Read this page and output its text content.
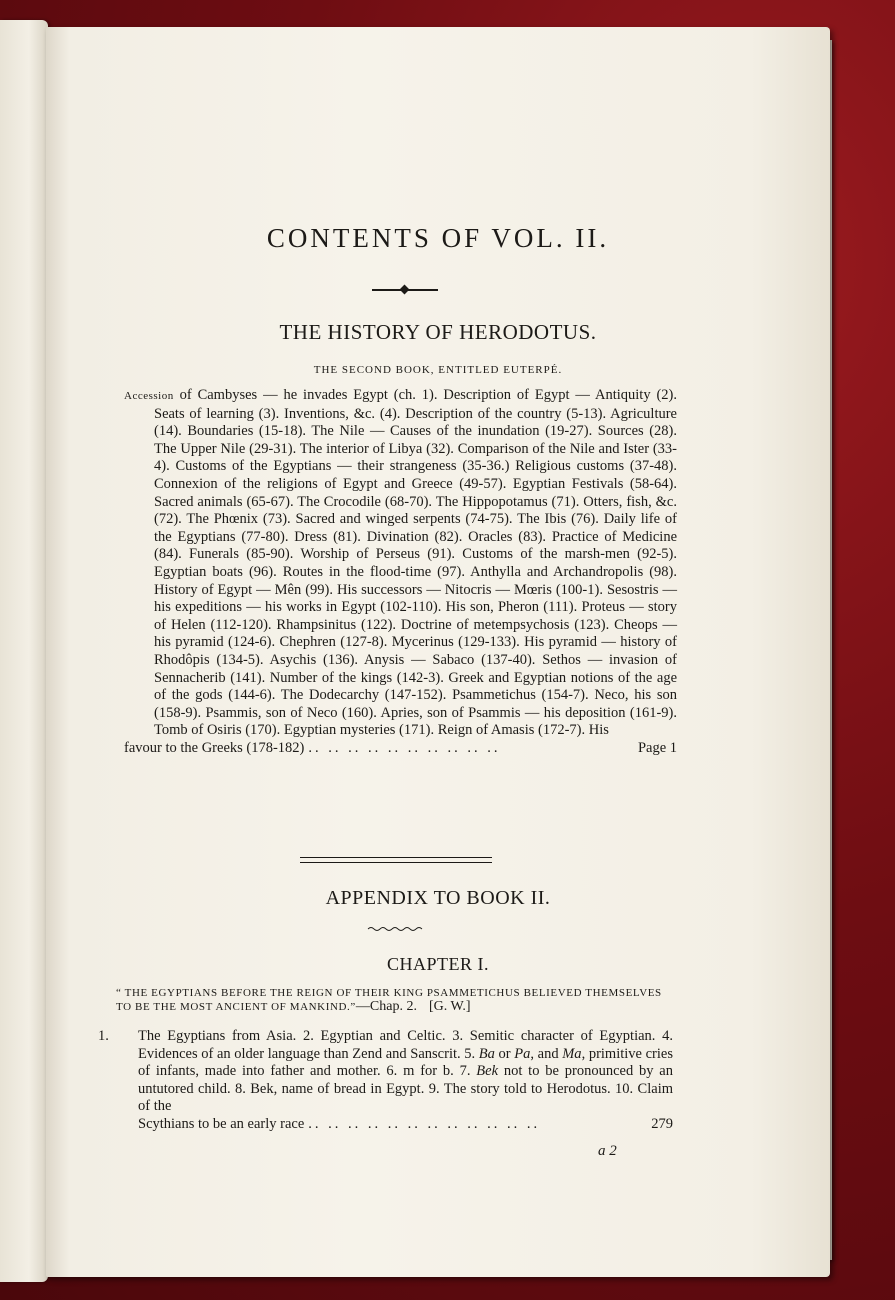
CONTENTS OF VOL. II.
THE HISTORY OF HERODOTUS.
THE SECOND BOOK, ENTITLED EUTERPÉ.

Accession of Cambyses — he invades Egypt (ch. 1). Description of Egypt — Antiquity (2). Seats of learning (3). Inventions, &c. (4). Description of the country (5-13). Agriculture (14). Boundaries (15-18). The Nile — Causes of the inundation (19-27). Sources (28). The Upper Nile (29-31). The interior of Libya (32). Comparison of the Nile and Ister (33-4). Customs of the Egyptians — their strangeness (35-36.) Religious customs (37-48). Connexion of the religions of Egypt and Greece (49-57). Egyptian Festivals (58-64). Sacred animals (65-67). The Crocodile (68-70). The Hippopotamus (71). Otters, fish, &c. (72). The Phœnix (73). Sacred and winged serpents (74-75). The Ibis (76). Daily life of the Egyptians (77-80). Dress (81). Divination (82). Oracles (83). Practice of Medicine (84). Funerals (85-90). Worship of Perseus (91). Customs of the marsh-men (92-5). Egyptian boats (96). Routes in the flood-time (97). Anthylla and Archandropolis (98). History of Egypt — Mên (99). His successors — Nitocris — Mœris (100-1). Sesostris — his expeditions — his works in Egypt (102-110). His son, Pheron (111). Proteus — story of Helen (112-120). Rhampsinitus (122). Doctrine of metempsychosis (123). Cheops — his pyramid (124-6). Chephren (127-8). Mycerinus (129-133). His pyramid — history of Rhodôpis (134-5). Asychis (136). Anysis — Sabaco (137-40). Sethos — invasion of Sennacherib (141). Number of the kings (142-3). Greek and Egyptian notions of the age of the gods (144-6). The Dodecarchy (147-152). Psammetichus (154-7). Neco, his son (158-9). Psammis, son of Neco (160). Apries, son of Psammis — his deposition (161-9). Tomb of Osiris (170). Egyptian mysteries (171). Reign of Amasis (172-7). His

favour to the Greeks (178-182) .. .. .. .. .. .. .. .. .. ..	Page 1
APPENDIX TO BOOK II.
CHAPTER I.
“ THE EGYPTIANS BEFORE THE REIGN OF THEIR KING PSAMMETICHUS BELIEVED THEMSELVES TO BE THE MOST ANCIENT OF MANKIND.”—Chap. 2. [G. W.]

1. The Egyptians from Asia. 2. Egyptian and Celtic. 3. Semitic character of Egyptian. 4. Evidences of an older language than Zend and Sanscrit. 5. Ba or Pa, and Ma, primitive cries of infants, made into father and mother. 6. m for b. 7. Bek not to be pronounced by an untutored child. 8. Bek, name of bread in Egypt. 9. The story told to Herodotus. 10. Claim of the

Scythians to be an early race .. .. .. .. .. .. .. .. .. .. .. ..	279
a 2
